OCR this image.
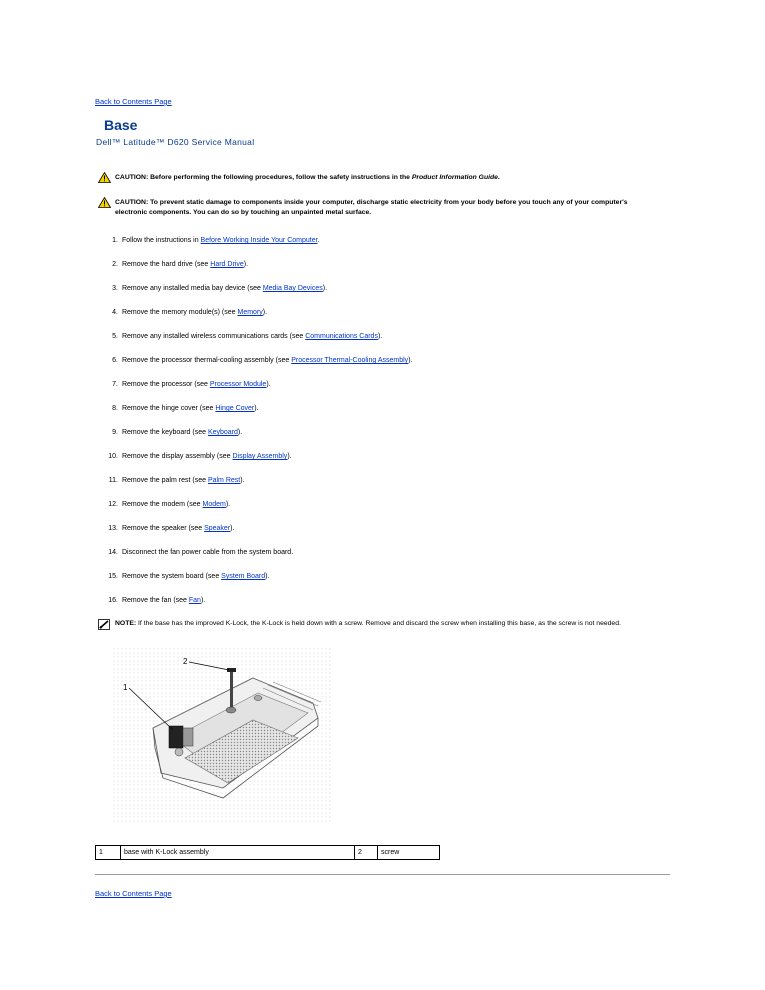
Back to Contents Page
Base
Dell™ Latitude™ D620 Service Manual
CAUTION: Before performing the following procedures, follow the safety instructions in the Product Information Guide.
CAUTION: To prevent static damage to components inside your computer, discharge static electricity from your body before you touch any of your computer's electronic components. You can do so by touching an unpainted metal surface.
1. Follow the instructions in Before Working Inside Your Computer.
2. Remove the hard drive (see Hard Drive).
3. Remove any installed media bay device (see Media Bay Devices).
4. Remove the memory module(s) (see Memory).
5. Remove any installed wireless communications cards (see Communications Cards).
6. Remove the processor thermal-cooling assembly (see Processor Thermal-Cooling Assembly).
7. Remove the processor (see Processor Module).
8. Remove the hinge cover (see Hinge Cover).
9. Remove the keyboard (see Keyboard).
10. Remove the display assembly (see Display Assembly).
11. Remove the palm rest (see Palm Rest).
12. Remove the modem (see Modem).
13. Remove the speaker (see Speaker).
14. Disconnect the fan power cable from the system board.
15. Remove the system board (see System Board).
16. Remove the fan (see Fan).
NOTE: If the base has the improved K-Lock, the K-Lock is held down with a screw. Remove and discard the screw when installing this base, as the screw is not needed.
1
2
1	base with K-Lock assembly	2	screw
Back to Contents Page
